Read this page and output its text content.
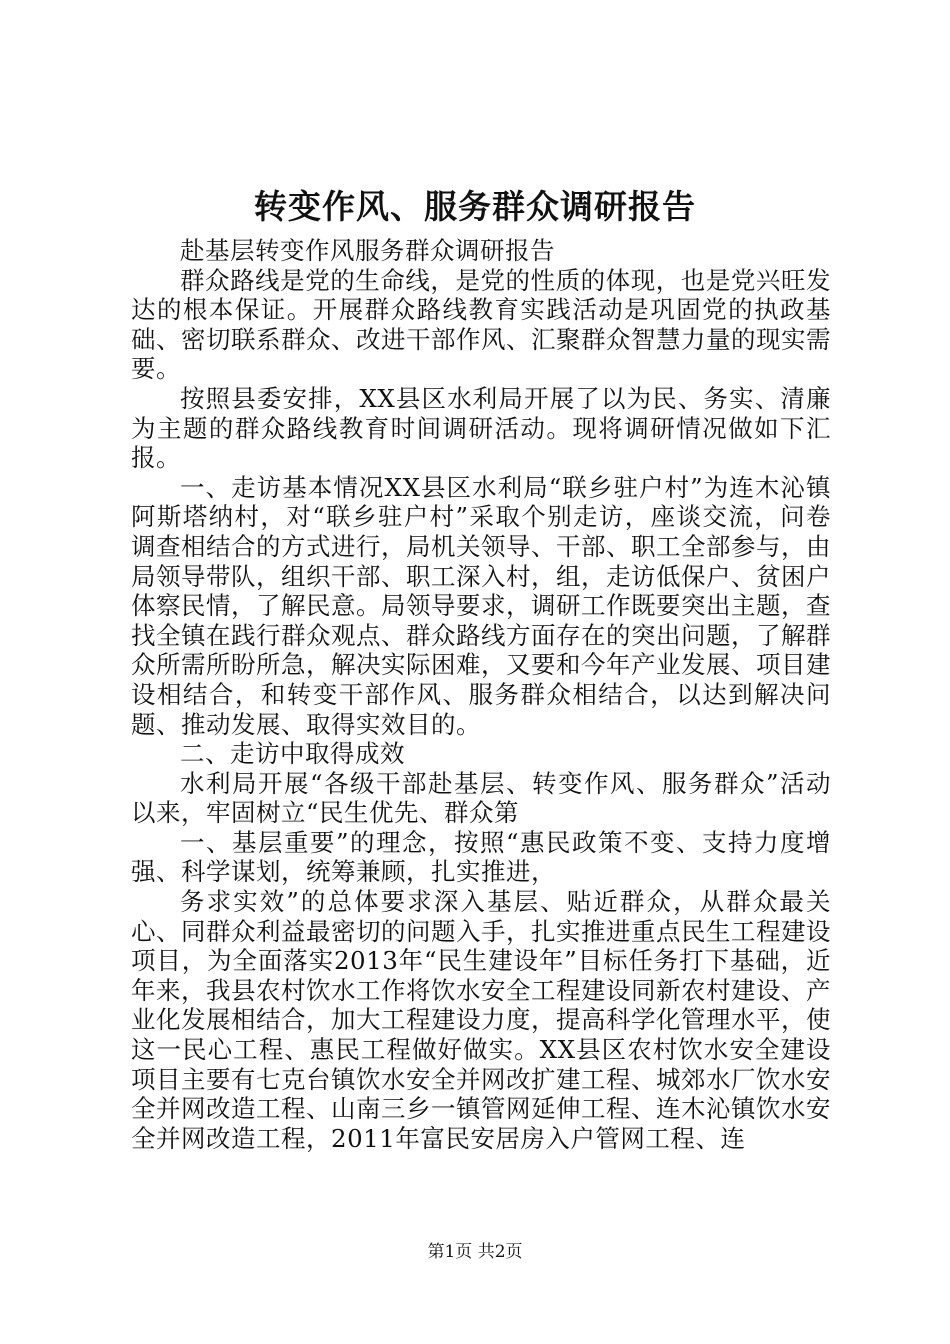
转变作风、服务群众调研报告

赴基层转变作风服务群众调研报告

群众路线是党的生命线，是党的性质的体现，也是党兴旺发达的根本保证。开展群众路线教育实践活动是巩固党的执政基础、密切联系群众、改进干部作风、汇聚群众智慧力量的现实需要。

按照县委安排，XX县区水利局开展了以为民、务实、清廉为主题的群众路线教育时间调研活动。现将调研情况做如下汇报。

一、走访基本情况XX县区水利局“联乡驻户村”为连木沁镇阿斯塔纳村，对“联乡驻户村”采取个别走访，座谈交流，问卷调查相结合的方式进行，局机关领导、干部、职工全部参与，由局领导带队，组织干部、职工深入村，组，走访低保户、贫困户体察民情，了解民意。局领导要求，调研工作既要突出主题，查找全镇在践行群众观点、群众路线方面存在的突出问题，了解群众所需所盼所急，解决实际困难，又要和今年产业发展、项目建设相结合，和转变干部作风、服务群众相结合，以达到解决问题、推动发展、取得实效目的。

二、走访中取得成效

水利局开展“各级干部赴基层、转变作风、服务群众”活动以来，牢固树立“民生优先、群众第

一、基层重要”的理念，按照“惠民政策不变、支持力度增强、科学谋划，统筹兼顾，扎实推进，

务求实效”的总体要求深入基层、贴近群众，从群众最关心、同群众利益最密切的问题入手，扎实推进重点民生工程建设项目，为全面落实2013年“民生建设年”目标任务打下基础，近年来，我县农村饮水工作将饮水安全工程建设同新农村建设、产业化发展相结合，加大工程建设力度，提高科学化管理水平，使这一民心工程、惠民工程做好做实。XX县区农村饮水安全建设项目主要有七克台镇饮水安全并网改扩建工程、城郊水厂饮水安全并网改造工程、山南三乡一镇管网延伸工程、连木沁镇饮水安全并网改造工程，2011年富民安居房入户管网工程、连

第1页 共2页
